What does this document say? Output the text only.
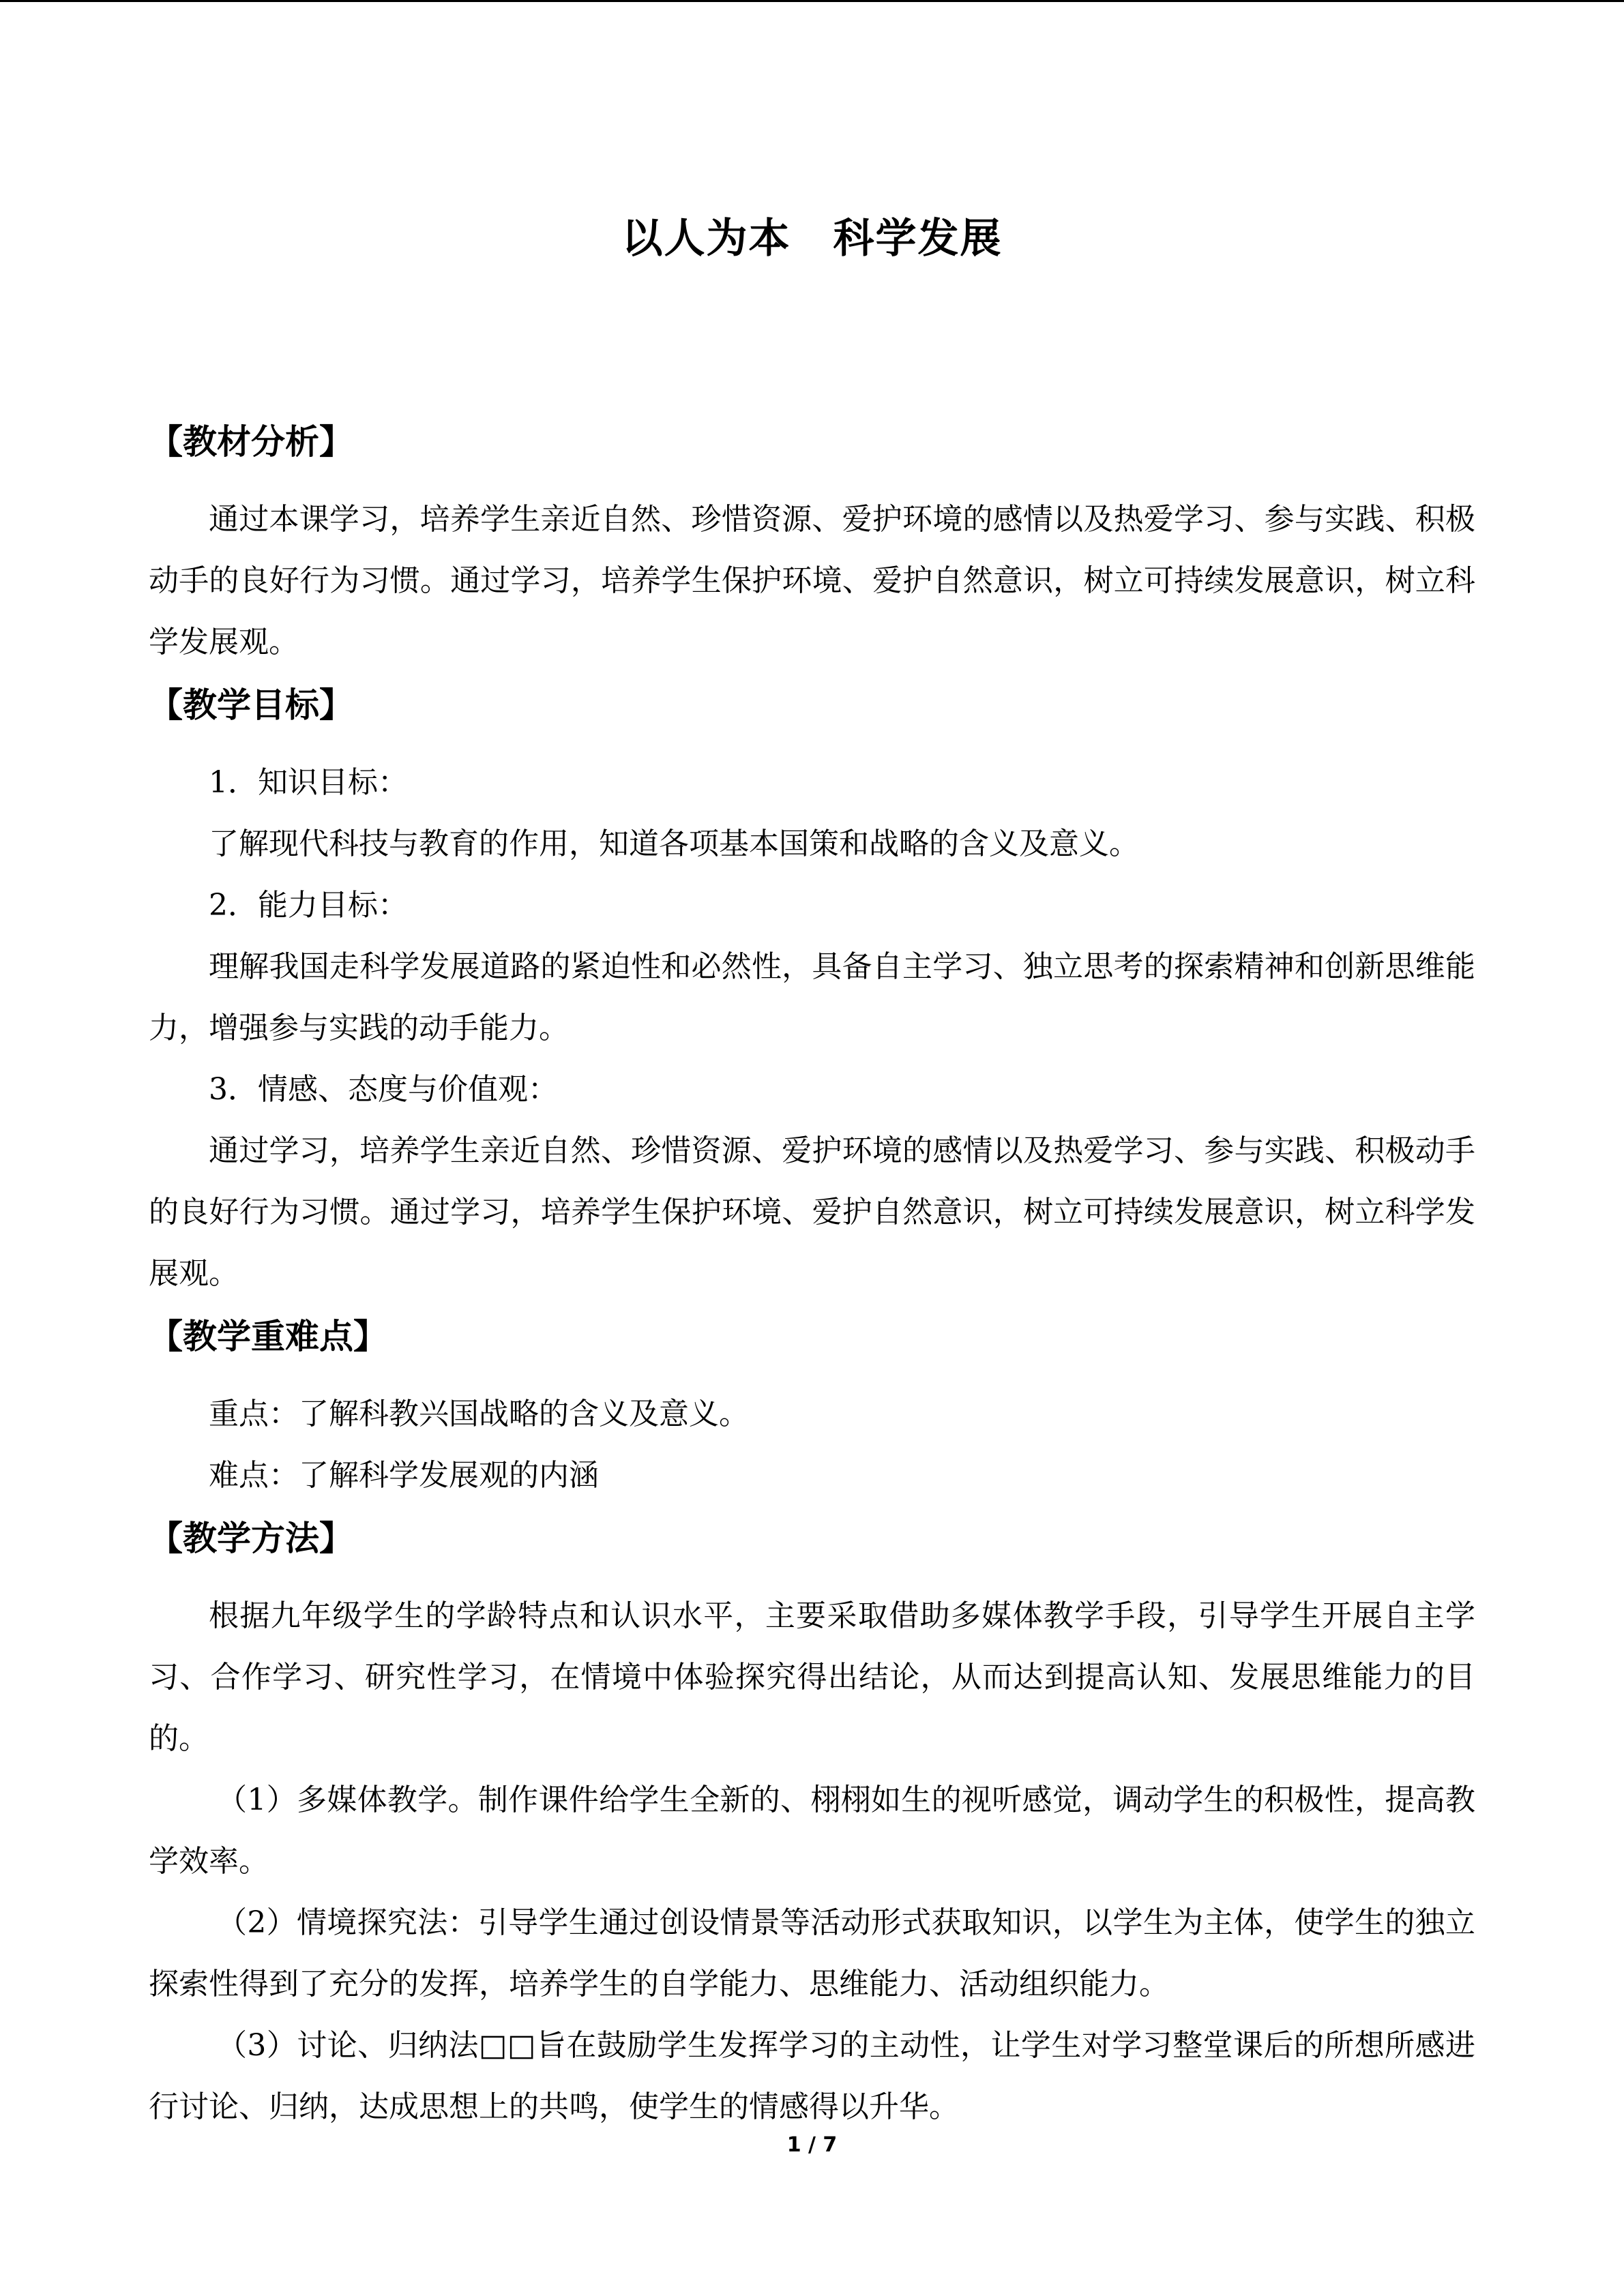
以人为本　科学发展
【教材分析】

通过本课学习，培养学生亲近自然、珍惜资源、爱护环境的感情以及热爱学习、参与实践、积极动手的良好行为习惯。通过学习，培养学生保护环境、爱护自然意识，树立可持续发展意识，树立科学发展观。

【教学目标】

1．知识目标：

了解现代科技与教育的作用，知道各项基本国策和战略的含义及意义。

2．能力目标：

理解我国走科学发展道路的紧迫性和必然性，具备自主学习、独立思考的探索精神和创新思维能力，增强参与实践的动手能力。

3．情感、态度与价值观：

通过学习，培养学生亲近自然、珍惜资源、爱护环境的感情以及热爱学习、参与实践、积极动手的良好行为习惯。通过学习，培养学生保护环境、爱护自然意识，树立可持续发展意识，树立科学发展观。

【教学重难点】

重点：了解科教兴国战略的含义及意义。

难点：了解科学发展观的内涵

【教学方法】

根据九年级学生的学龄特点和认识水平，主要采取借助多媒体教学手段，引导学生开展自主学习、合作学习、研究性学习，在情境中体验探究得出结论，从而达到提高认知、发展思维能力的目的。

（1）多媒体教学。制作课件给学生全新的、栩栩如生的视听感觉，调动学生的积极性，提高教学效率。

（2）情境探究法：引导学生通过创设情景等活动形式获取知识，以学生为主体，使学生的独立探索性得到了充分的发挥，培养学生的自学能力、思维能力、活动组织能力。

（3）讨论、归纳法□□旨在鼓励学生发挥学习的主动性，让学生对学习整堂课后的所想所感进行讨论、归纳，达成思想上的共鸣，使学生的情感得以升华。

1 / 7
